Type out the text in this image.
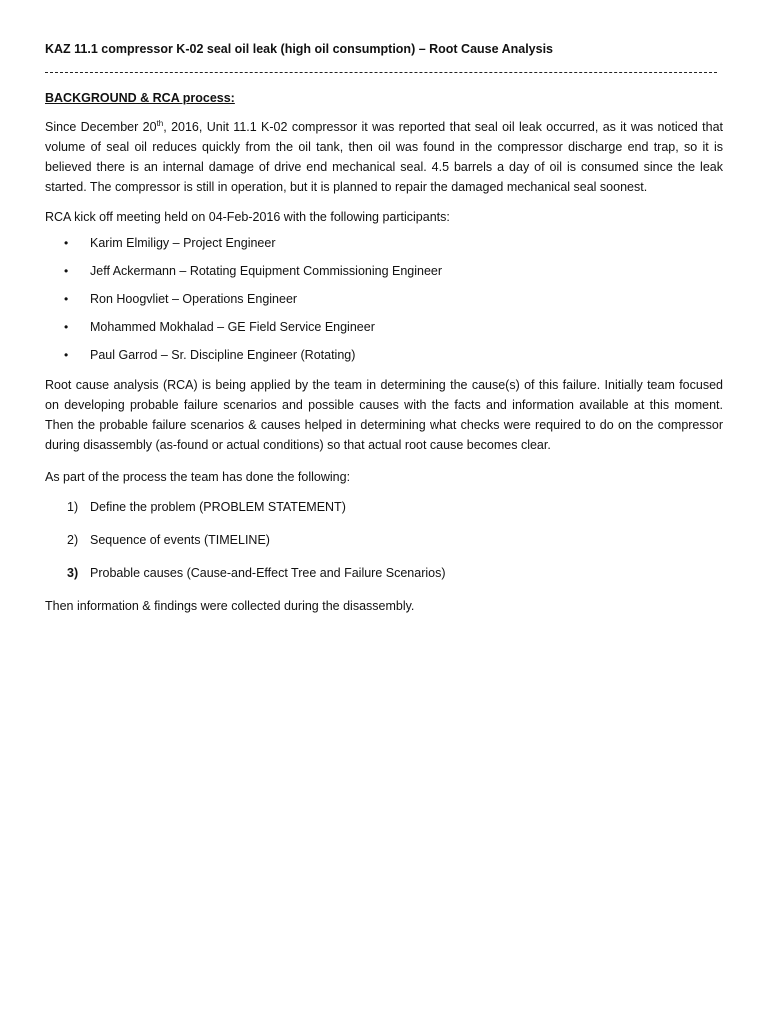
KAZ 11.1 compressor K-02 seal oil leak (high oil consumption) – Root Cause Analysis

BACKGROUND & RCA process:

Since December 20th, 2016, Unit 11.1 K-02 compressor it was reported that seal oil leak occurred, as it was noticed that volume of seal oil reduces quickly from the oil tank, then oil was found in the compressor discharge end trap, so it is believed there is an internal damage of drive end mechanical seal. 4.5 barrels a day of oil is consumed since the leak started. The compressor is still in operation, but it is planned to repair the damaged mechanical seal soonest.

RCA kick off meeting held on 04-Feb-2016 with the following participants:

• Karim Elmiligy – Project Engineer
• Jeff Ackermann – Rotating Equipment Commissioning Engineer
• Ron Hoogvliet – Operations Engineer
• Mohammed Mokhalad – GE Field Service Engineer
• Paul Garrod – Sr. Discipline Engineer (Rotating)

Root cause analysis (RCA) is being applied by the team in determining the cause(s) of this failure. Initially team focused on developing probable failure scenarios and possible causes with the facts and information available at this moment. Then the probable failure scenarios & causes helped in determining what checks were required to do on the compressor during disassembly (as-found or actual conditions) so that actual root cause becomes clear.

As part of the process the team has done the following:

1) Define the problem (PROBLEM STATEMENT)
2) Sequence of events (TIMELINE)
3) Probable causes (Cause-and-Effect Tree and Failure Scenarios)

Then information & findings were collected during the disassembly.
